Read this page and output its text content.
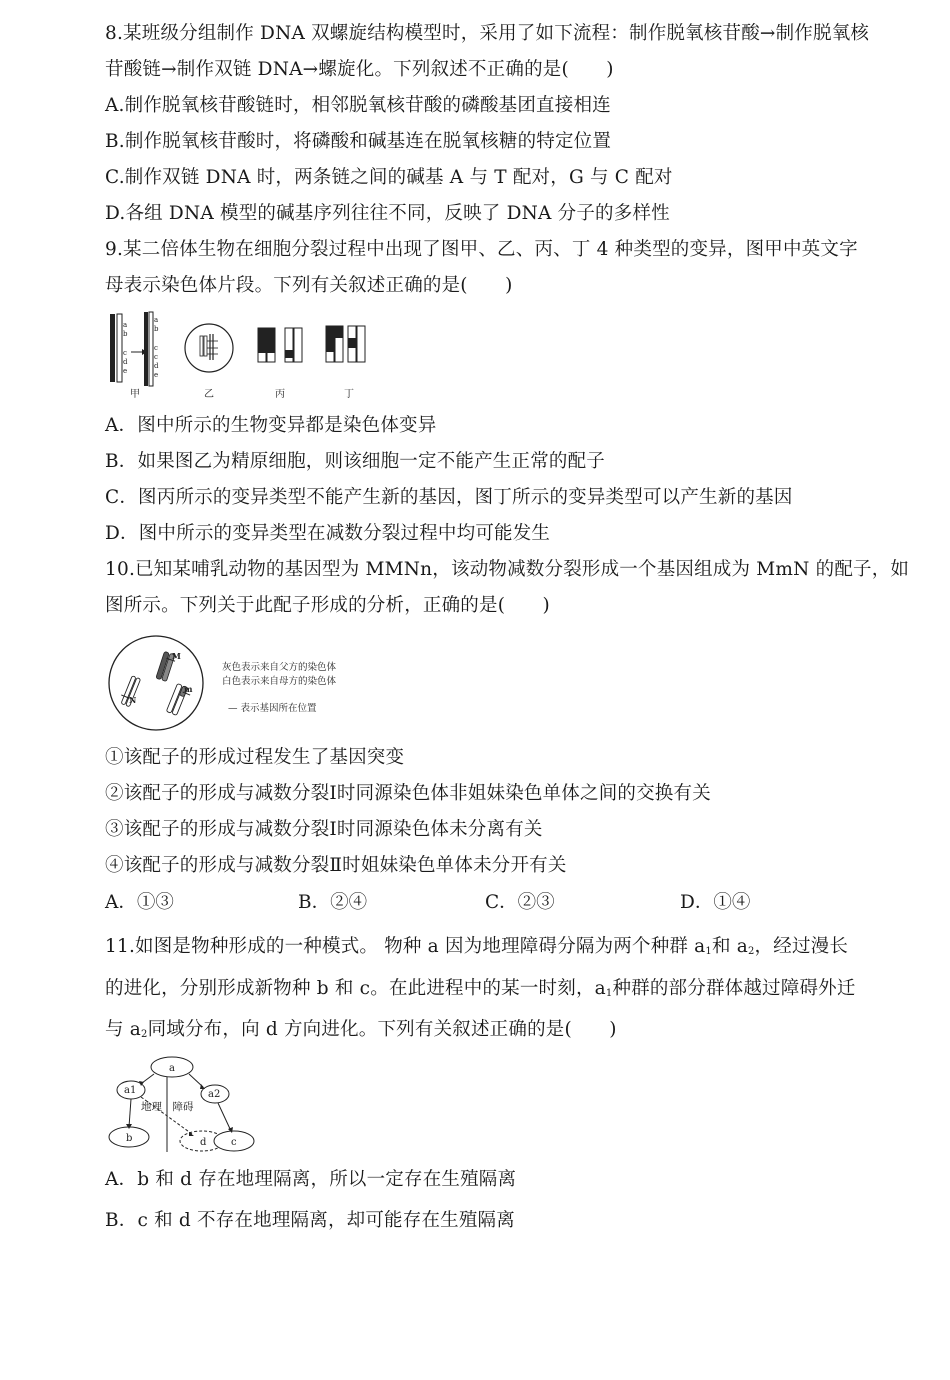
8.某班级分组制作 DNA 双螺旋结构模型时，采用了如下流程：制作脱氧核苷酸→制作脱氧核
苷酸链→制作双链 DNA→螺旋化。下列叙述不正确的是(　　)
A.制作脱氧核苷酸链时，相邻脱氧核苷酸的磷酸基团直接相连
B.制作脱氧核苷酸时，将磷酸和碱基连在脱氧核糖的特定位置
C.制作双链 DNA 时，两条链之间的碱基 A 与 T 配对，G 与 C 配对
D.各组 DNA 模型的碱基序列往往不同，反映了 DNA 分子的多样性
9.某二倍体生物在细胞分裂过程中出现了图甲、乙、丙、丁 4 种类型的变异，图甲中英文字
母表示染色体片段。下列有关叙述正确的是(　　)
a
b
c
d
e
a
b
c
c
d
e
甲	乙	丙	丁
A．图中所示的生物变异都是染色体变异
B．如果图乙为精原细胞，则该细胞一定不能产生正常的配子
C．图丙所示的变异类型不能产生新的基因，图丁所示的变异类型可以产生新的基因
D．图中所示的变异类型在减数分裂过程中均可能发生
10.已知某哺乳动物的基因型为 MMNn，该动物减数分裂形成一个基因组成为 MmN 的配子，如
图所示。下列关于此配子形成的分析，正确的是(　　)
M
N
m
灰色表示来自父方的染色体
白色表示来自母方的染色体
— 表示基因所在位置
①该配子的形成过程发生了基因突变
②该配子的形成与减数分裂Ⅰ时同源染色体非姐妹染色单体之间的交换有关
③该配子的形成与减数分裂Ⅰ时同源染色体未分离有关
④该配子的形成与减数分裂Ⅱ时姐妹染色单体未分开有关
A．①③	B．②④	C．②③	D．①④
11.如图是物种形成的一种模式。 物种 a 因为地理障碍分隔为两个种群 $a_1$和 $a_2$，经过漫长
的进化，分别形成新物种 b 和 c。在此进程中的某一时刻，$a_1$种群的部分群体越过障碍外迁
与 $a_2$同域分布，向 d 方向进化。下列有关叙述正确的是(　　)
a
a1	a2
b	c
d
地理　障碍
A．b 和 d 存在地理隔离，所以一定存在生殖隔离
B．c 和 d 不存在地理隔离，却可能存在生殖隔离
